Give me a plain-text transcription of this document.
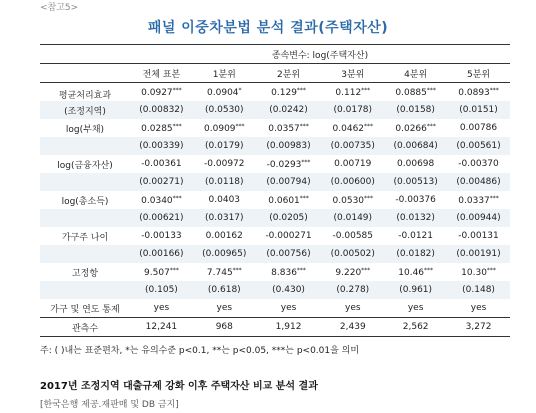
<참고5>
패널 이중차분법 분석 결과(주택자산)
	종속변수: log(주택자산)					
	전체 표본	1분위	2분위	3분위	4분위	5분위
평균처리효과	0.0927***	0.0904*	0.129***	0.112***	0.0885***	0.0893***
(조정지역)	(0.00832)	(0.0530)	(0.0242)	(0.0178)	(0.0158)	(0.0151)
log(부채)	0.0285***	0.0909***	0.0357***	0.0462***	0.0266***	0.00786
	(0.00339)	(0.0179)	(0.00983)	(0.00735)	(0.00684)	(0.00561)
log(금융자산)	-0.00361	-0.00972	-0.0293***	0.00719	0.00698	-0.00370
	(0.00271)	(0.0118)	(0.00794)	(0.00600)	(0.00513)	(0.00486)
log(총소득)	0.0340***	0.0403	0.0601***	0.0530***	-0.00376	0.0337***
	(0.00621)	(0.0317)	(0.0205)	(0.0149)	(0.0132)	(0.00944)
가구주 나이	-0.00133	0.00162	-0.000271	-0.00585	-0.0121	-0.00131
	(0.00166)	(0.00965)	(0.00756)	(0.00502)	(0.0182)	(0.00191)
고정항	9.507***	7.745***	8.836***	9.220***	10.46***	10.30***
	(0.105)	(0.618)	(0.430)	(0.278)	(0.961)	(0.148)
가구 및 연도 통제	yes	yes	yes	yes	yes	yes
관측수	12,241	968	1,912	2,439	2,562	3,272
주: ( )내는 표준편차, *는 유의수준 p<0.1, **는 p<0.05, ***는 p<0.01을 의미
2017년 조정지역 대출규제 강화 이후 주택자산 비교 분석 결과
[한국은행 제공.재판매 및 DB 금지]
